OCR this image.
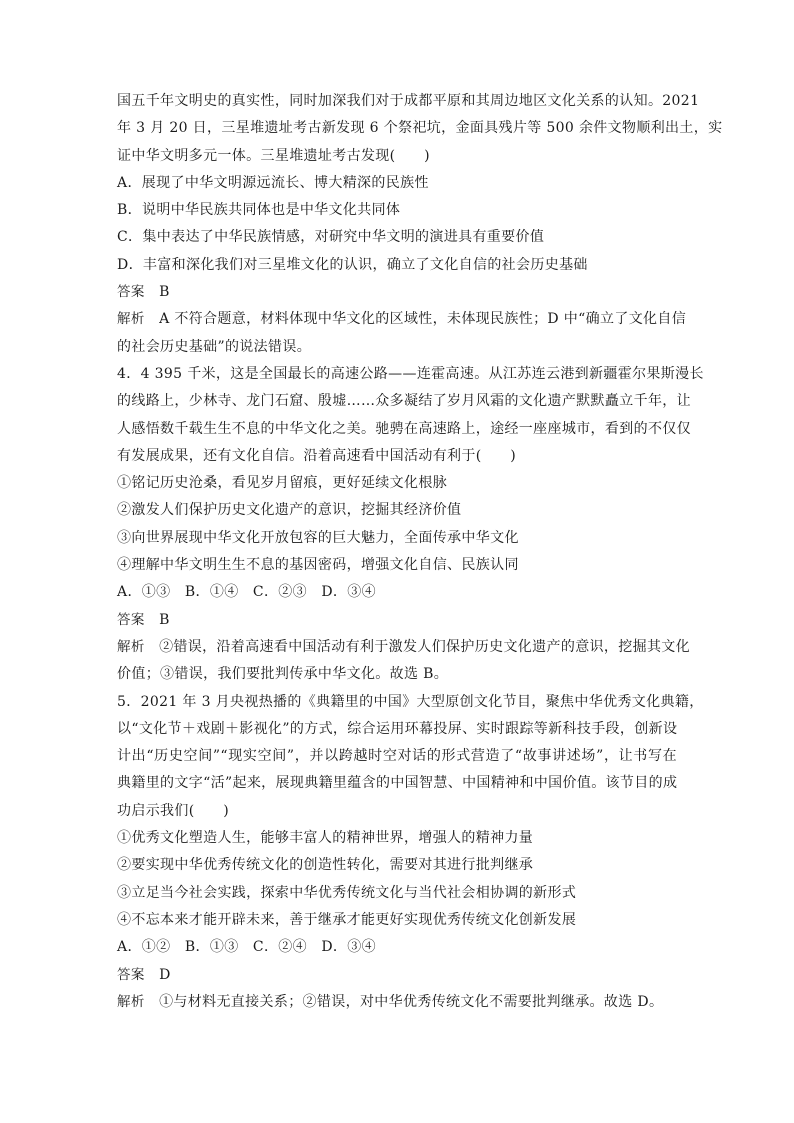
国五千年文明史的真实性，同时加深我们对于成都平原和其周边地区文化关系的认知。2021
年 3 月 20 日，三星堆遗址考古新发现 6 个祭祀坑，金面具残片等 500 余件文物顺利出土，实
证中华文明多元一体。三星堆遗址考古发现(　　)
A．展现了中华文明源远流长、博大精深的民族性
B．说明中华民族共同体也是中华文化共同体
C．集中表达了中华民族情感，对研究中华文明的演进具有重要价值
D．丰富和深化我们对三星堆文化的认识，确立了文化自信的社会历史基础
答案　 B
解析　 A 不符合题意，材料体现中华文化的区域性，未体现民族性；D 中“确立了文化自信
的社会历史基础”的说法错误。
4．4 395 千米，这是全国最长的高速公路——连霍高速。从江苏连云港到新疆霍尔果斯漫长
的线路上，少林寺、龙门石窟、殷墟……众多凝结了岁月风霜的文化遗产默默矗立千年，让
人感悟数千载生生不息的中华文化之美。驰骋在高速路上，途经一座座城市，看到的不仅仅
有发展成果，还有文化自信。沿着高速看中国活动有利于(　　)
①铭记历史沧桑，看见岁月留痕，更好延续文化根脉
②激发人们保护历史文化遗产的意识，挖掘其经济价值
③向世界展现中华文化开放包容的巨大魅力，全面传承中华文化
④理解中华文明生生不息的基因密码，增强文化自信、民族认同
A．①③　B．①④　C．②③　D．③④
答案　 B
解析　 ②错误，沿着高速看中国活动有利于激发人们保护历史文化遗产的意识，挖掘其文化
价值；③错误，我们要批判传承中华文化。故选 B。
5．2021 年 3 月央视热播的《典籍里的中国》大型原创文化节目，聚焦中华优秀文化典籍，
以“文化节＋戏剧＋影视化”的方式，综合运用环幕投屏、实时跟踪等新科技手段，创新设
计出“历史空间”“现实空间”，并以跨越时空对话的形式营造了“故事讲述场”，让书写在
典籍里的文字“活”起来，展现典籍里蕴含的中国智慧、中国精神和中国价值。该节目的成
功启示我们(　　)
①优秀文化塑造人生，能够丰富人的精神世界，增强人的精神力量
②要实现中华优秀传统文化的创造性转化，需要对其进行批判继承
③立足当今社会实践，探索中华优秀传统文化与当代社会相协调的新形式
④不忘本来才能开辟未来，善于继承才能更好实现优秀传统文化创新发展
A．①②　B．①③　C．②④　D．③④
答案　 D
解析　 ①与材料无直接关系；②错误，对中华优秀传统文化不需要批判继承。故选 D。
